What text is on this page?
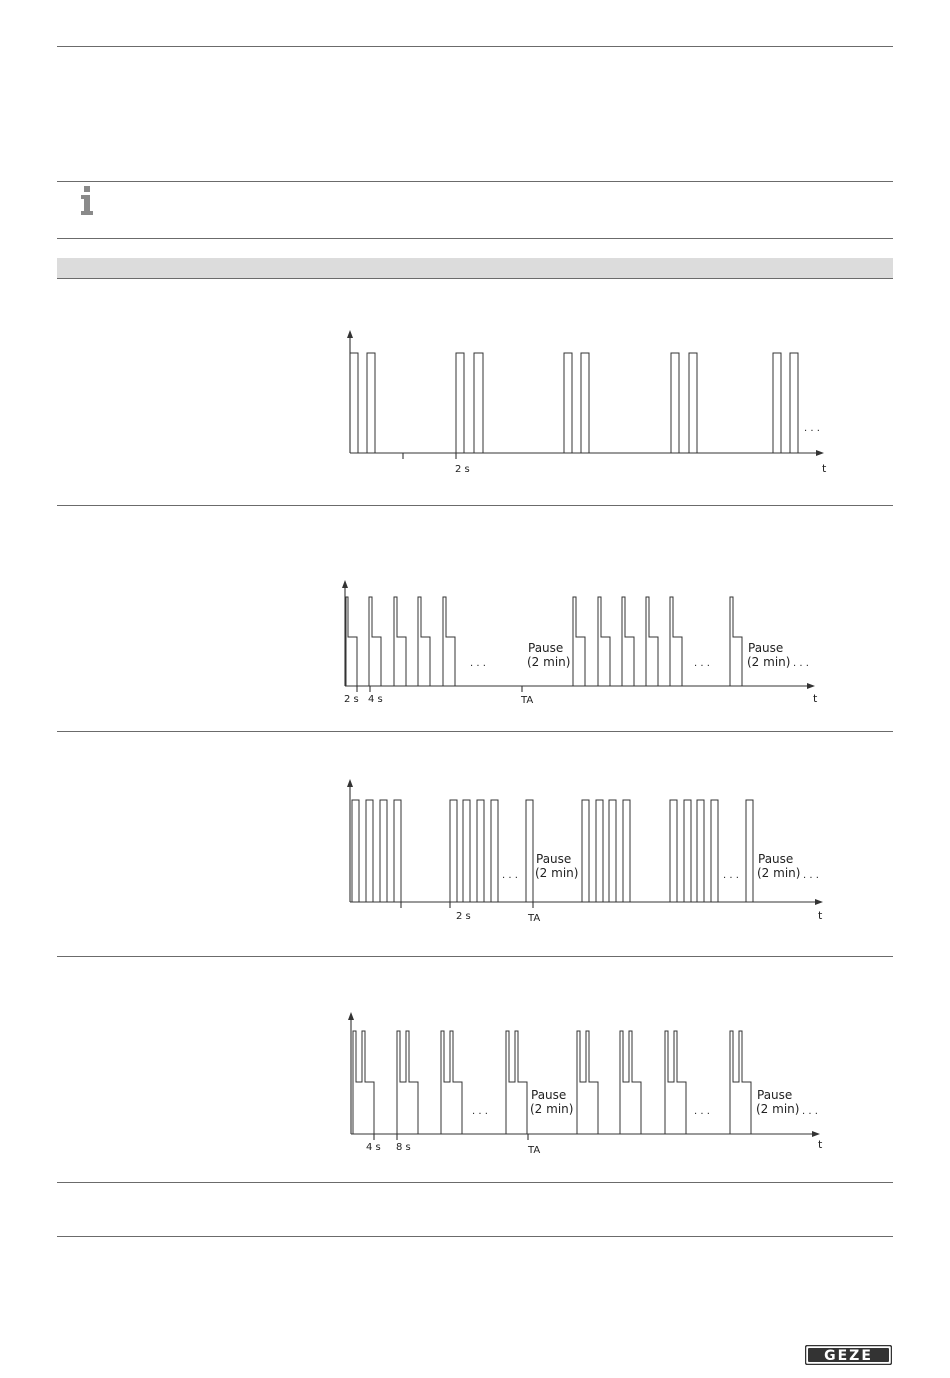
2 s
. . .
t
2 s 4 s	TA
. . .
Pause
(2 min)	. . .
Pause
(2 min) . . .
t
2 s	TA
. . .
Pause
(2 min)	. . .
Pause
(2 min) . . .
t
4 s 8 s	TA
. . .
Pause
(2 min)	. . .
Pause
(2 min) . . .
t
GEZE
